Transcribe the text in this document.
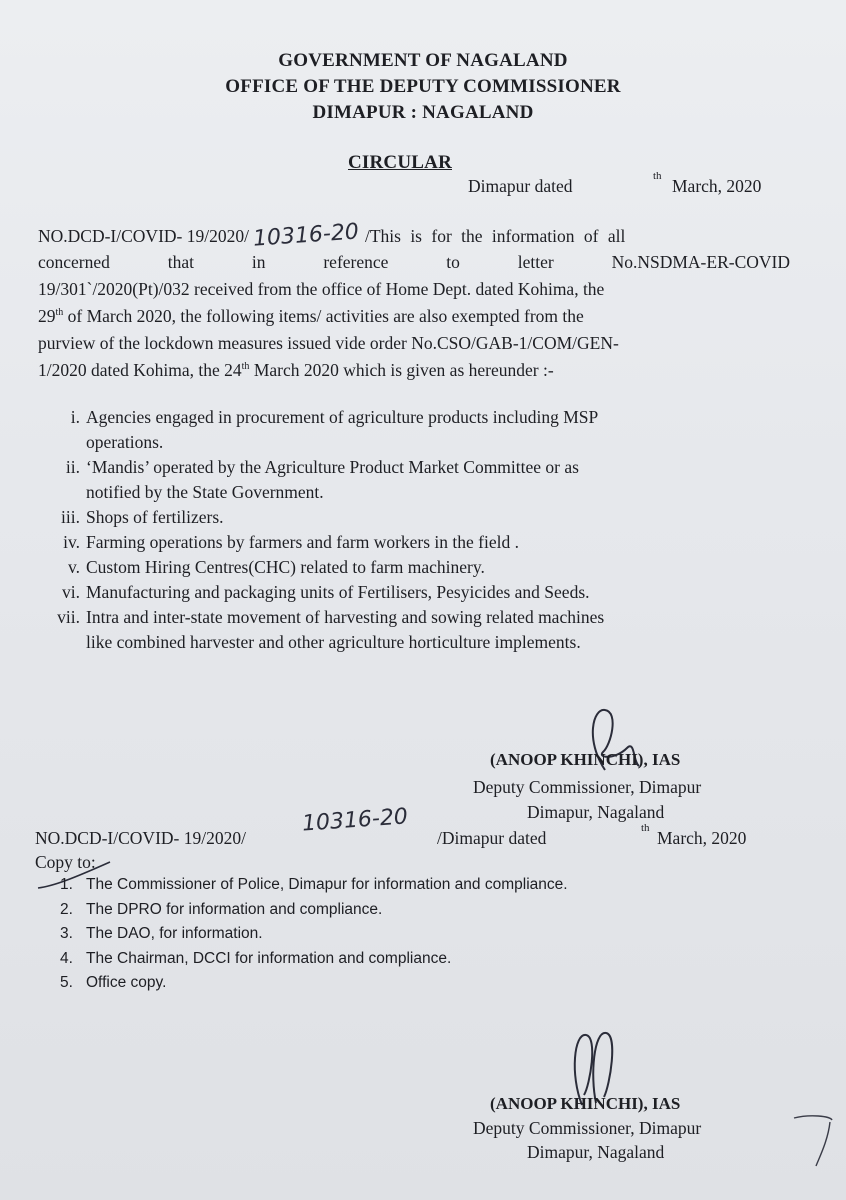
GOVERNMENT OF NAGALAND
OFFICE OF THE DEPUTY COMMISSIONER
DIMAPUR : NAGALAND
CIRCULAR
Dimapur dated	th March, 2020
NO.DCD-I/COVID- 19/2020/ 10316-20 /This is for the information of all
concerned that in reference to letter No.NSDMA-ER-COVID
19/301`/2020(Pt)/032 received from the office of Home Dept. dated Kohima, the
29th of March 2020, the following items/ activities are also exempted from the
purview of the lockdown measures issued vide order No.CSO/GAB-1/COM/GEN-
1/2020 dated Kohima, the 24th March 2020 which is given as hereunder :-
i. Agencies engaged in procurement of agriculture products including MSP
operations.
ii. ‘Mandis’ operated by the Agriculture Product Market Committee or as
notified by the State Government.
iii. Shops of fertilizers.
iv. Farming operations by farmers and farm workers in the field .
v. Custom Hiring Centres(CHC) related to farm machinery.
vi. Manufacturing and packaging units of Fertilisers, Pesyicides and Seeds.
vii. Intra and inter-state movement of harvesting and sowing related machines
like combined harvester and other agriculture horticulture implements.
(ANOOP KHINCHI), IAS
Deputy Commissioner, Dimapur
Dimapur, Nagaland
NO.DCD-I/COVID- 19/2020/
10316-20
/Dimapur dated	th March, 2020
Copy to:
1. The Commissioner of Police, Dimapur for information and compliance.
2. The DPRO for information and compliance.
3. The DAO, for information.
4. The Chairman, DCCI for information and compliance.
5. Office copy.
(ANOOP KHINCHI), IAS
Deputy Commissioner, Dimapur
Dimapur, Nagaland
